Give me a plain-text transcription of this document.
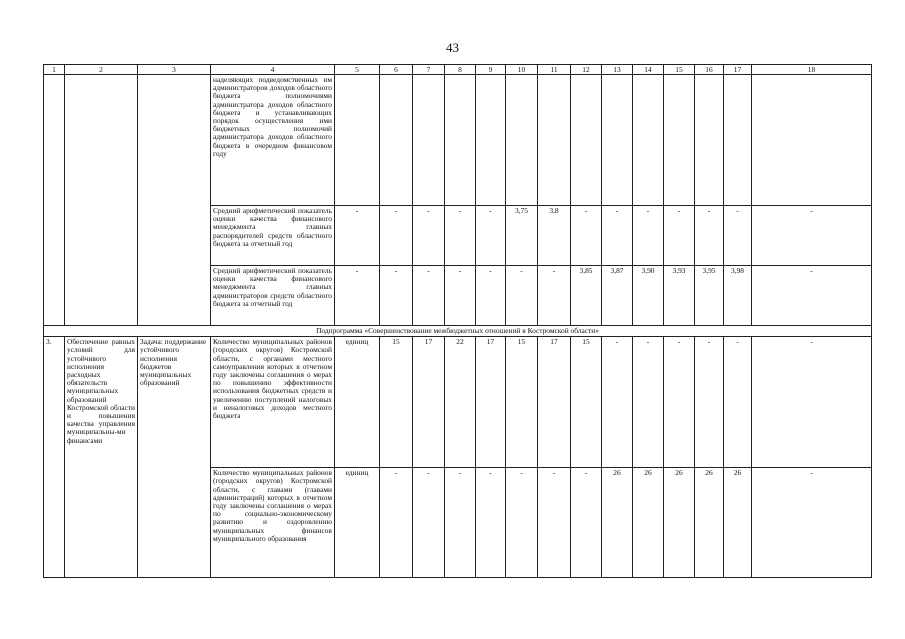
43
1	2	3	4	5	6	7	8	9	10	11	12	13	14	15	16	17	18
			наделяющих подведомственных им администраторов доходов областного бюджета полномочиями администратора доходов областного бюджета и устанавливающих порядок осуществления ими бюджетных полномочий администратора доходов областного бюджета в очередном финансовом году														
			Средний арифметический показатель оценки качества финансового менеджмента главных распорядителей средств областного бюджета за отчетный год	-	-	-	-	-	3,75	3,8	-	-	-	-	-	-	-
			Средний арифметический показатель оценки качества финансового менеджмента главных администраторов средств областного бюджета за отчетный год	-	-	-	-	-	-	-	3,85	3,87	3,90	3,93	3,95	3,98	-
Подпрограмма «Совершенствование межбюджетных отношений в Костромской области»																	
3.	Обеспечение равных условий для устойчивого исполнения расходных обязательств муниципальных образований Костромской области и повышения качества управления муниципальны-ми финансами	Задача: поддержание устойчивого исполнения бюджетов муниципальных образований	Количество муниципальных районов (городских округов) Костромской области, с органами местного самоуправления которых в отчетном году заключены соглашения о мерах по повышению эффективности использования бюджетных средств и увеличению поступлений налоговых и неналоговых доходов местного бюджета	единиц	15	17	22	17	15	17	15	-	-	-	-	-	-
			Количество муниципальных районов (городских округов) Костромской области, с главами (главами администраций) которых в отчетном году заключены соглашения о мерах по социально-экономическому развитию и оздоровлению муниципальных финансов муниципального образования	единиц	-	-	-	-	-	-	-	26	26	26	26	26	-
